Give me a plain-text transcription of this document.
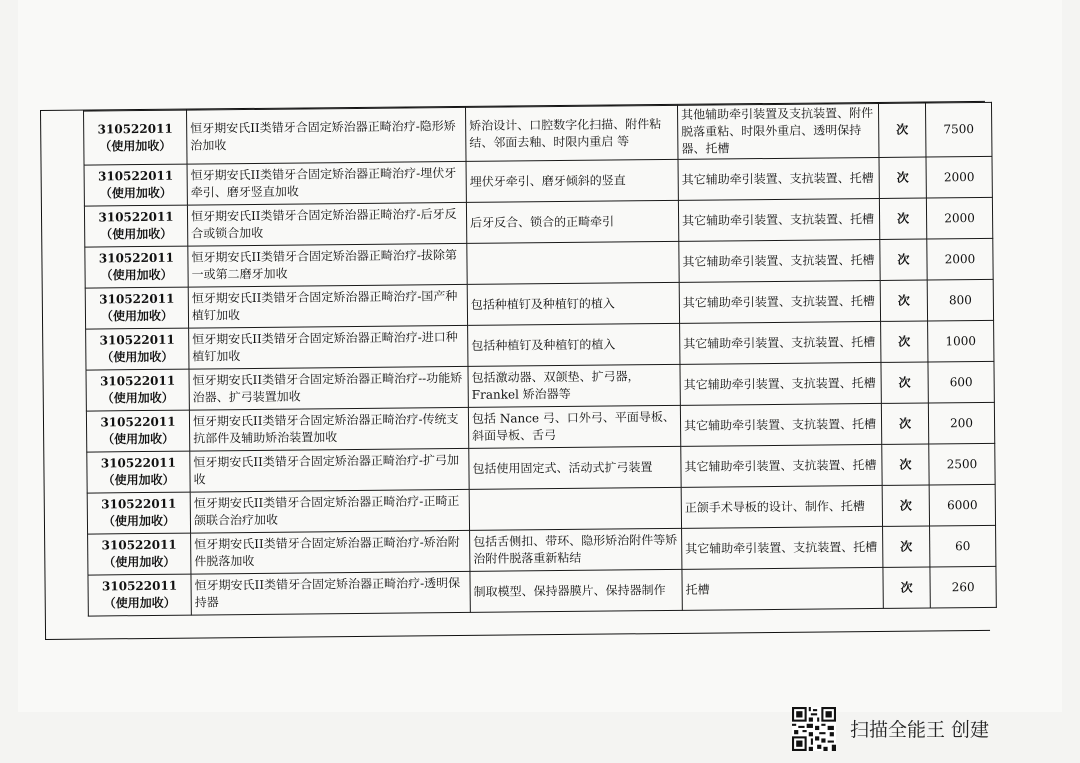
310522011（使用加收）	恒牙期安氏II类错牙合固定矫治器正畸治疗-隐形矫治加收	矫治设计、口腔数字化扫描、附件粘结、邻面去釉、时限内重启 等	其他辅助牵引装置及支抗装置、附件脱落重粘、时限外重启、透明保持器、托槽	次	7500
310522011（使用加收）	恒牙期安氏II类错牙合固定矫治器正畸治疗-埋伏牙牵引、磨牙竖直加收	埋伏牙牵引、磨牙倾斜的竖直	其它辅助牵引装置、支抗装置、托槽	次	2000
310522011（使用加收）	恒牙期安氏II类错牙合固定矫治器正畸治疗-后牙反合或锁合加收	后牙反合、锁合的正畸牵引	其它辅助牵引装置、支抗装置、托槽	次	2000
310522011（使用加收）	恒牙期安氏II类错牙合固定矫治器正畸治疗-拔除第一或第二磨牙加收		其它辅助牵引装置、支抗装置、托槽	次	2000
310522011（使用加收）	恒牙期安氏II类错牙合固定矫治器正畸治疗-国产种植钉加收	包括种植钉及种植钉的植入	其它辅助牵引装置、支抗装置、托槽	次	800
310522011（使用加收）	恒牙期安氏II类错牙合固定矫治器正畸治疗-进口种植钉加收	包括种植钉及种植钉的植入	其它辅助牵引装置、支抗装置、托槽	次	1000
310522011（使用加收）	恒牙期安氏II类错牙合固定矫治器正畸治疗--功能矫治器、扩弓装置加收	包括激动器、双颌垫、扩弓器，Frankel 矫治器等	其它辅助牵引装置、支抗装置、托槽	次	600
310522011（使用加收）	恒牙期安氏II类错牙合固定矫治器正畸治疗-传统支抗部件及辅助矫治装置加收	包括 Nance 弓、口外弓、平面导板、斜面导板、舌弓	其它辅助牵引装置、支抗装置、托槽	次	200
310522011（使用加收）	恒牙期安氏II类错牙合固定矫治器正畸治疗-扩弓加收	包括使用固定式、活动式扩弓装置	其它辅助牵引装置、支抗装置、托槽	次	2500
310522011（使用加收）	恒牙期安氏II类错牙合固定矫治器正畸治疗-正畸正颌联合治疗加收		正颌手术导板的设计、制作、托槽	次	6000
310522011（使用加收）	恒牙期安氏II类错牙合固定矫治器正畸治疗-矫治附件脱落加收	包括舌侧扣、带环、隐形矫治附件等矫治附件脱落重新粘结	其它辅助牵引装置、支抗装置、托槽	次	60
310522011（使用加收）	恒牙期安氏II类错牙合固定矫治器正畸治疗-透明保持器	制取模型、保持器膜片、保持器制作	托槽	次	260
扫描全能王 创建
